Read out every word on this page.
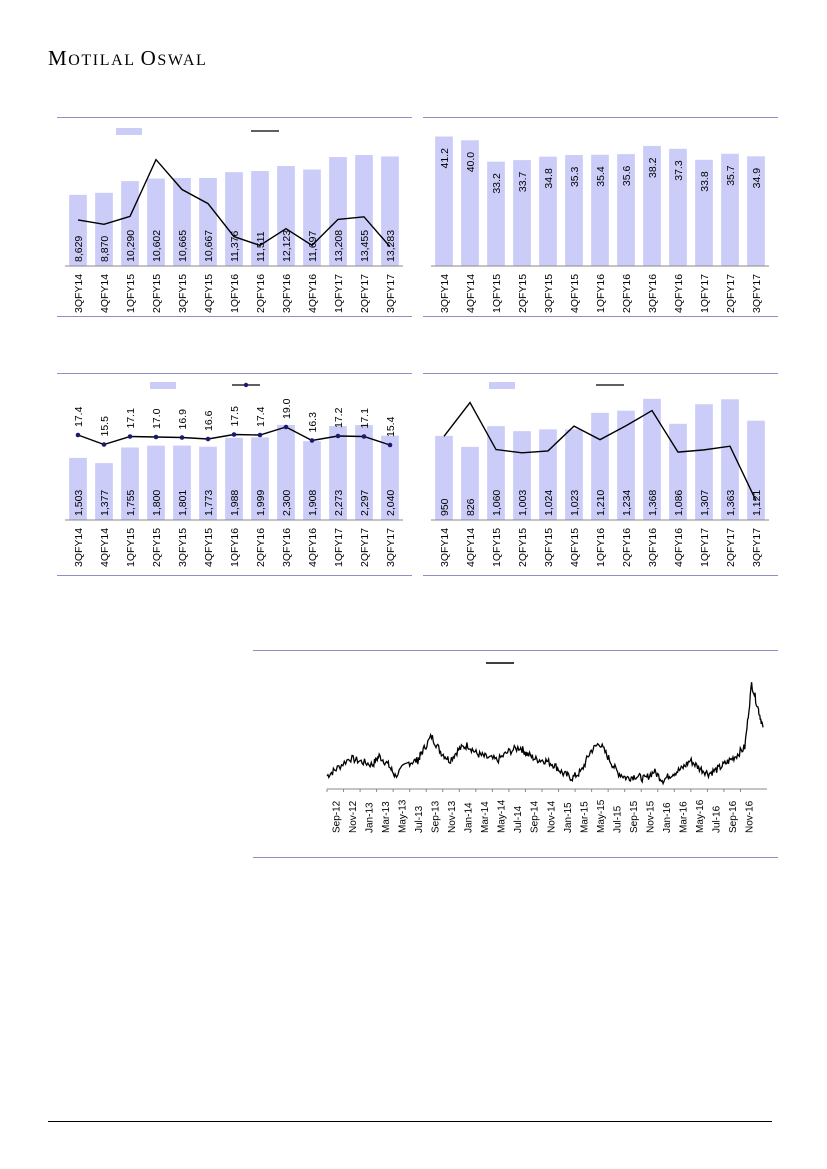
MOTILAL OSWAL
8,629
3QFY14
8,870
4QFY14
10,290
1QFY15
10,602
2QFY15
10,665
3QFY15
10,667
4QFY15
11,376
1QFY16
11,511
2QFY16
12,123
3QFY16
11,697
4QFY16
13,208
1QFY17
13,455
2QFY17
13,283
3QFY17
41.2
3QFY14
40.0
4QFY14
33.2
1QFY15
33.7
2QFY15
34.8
3QFY15
35.3
4QFY15
35.4
1QFY16
35.6
2QFY16
38.2
3QFY16
37.3
4QFY16
33.8
1QFY17
35.7
2QFY17
34.9
3QFY17
1,503
3QFY14
1,377
4QFY14
1,755
1QFY15
1,800
2QFY15
1,801
3QFY15
1,773
4QFY15
1,988
1QFY16
1,999
2QFY16
2,300
3QFY16
1,908
4QFY16
2,273
1QFY17
2,297
2QFY17
2,040
3QFY17
17.4 15.5 17.1 17.0 16.9 16.6 17.5 17.4 19.0
16.3 17.2 17.1 15.4
950
3QFY14
826
4QFY14
1,060
1QFY15
1,003
2QFY15
1,024
3QFY15
1,023
4QFY15
1,210
1QFY16
1,234
2QFY16
1,368
3QFY16
1,086
4QFY16
1,307
1QFY17
1,363
2QFY17
1,121
3QFY17
Sep-12 Nov-12 Jan-13 Mar-13 May-13 Jul-13 Sep-13 Nov-13 Jan-14 Mar-14 May-14 Jul-14 Sep-14 Nov-14 Jan-15 Mar-15 May-15 Jul-15 Sep-15 Nov-15 Jan-16 Mar-16 May-16 Jul-16 Sep-16 Nov-16
